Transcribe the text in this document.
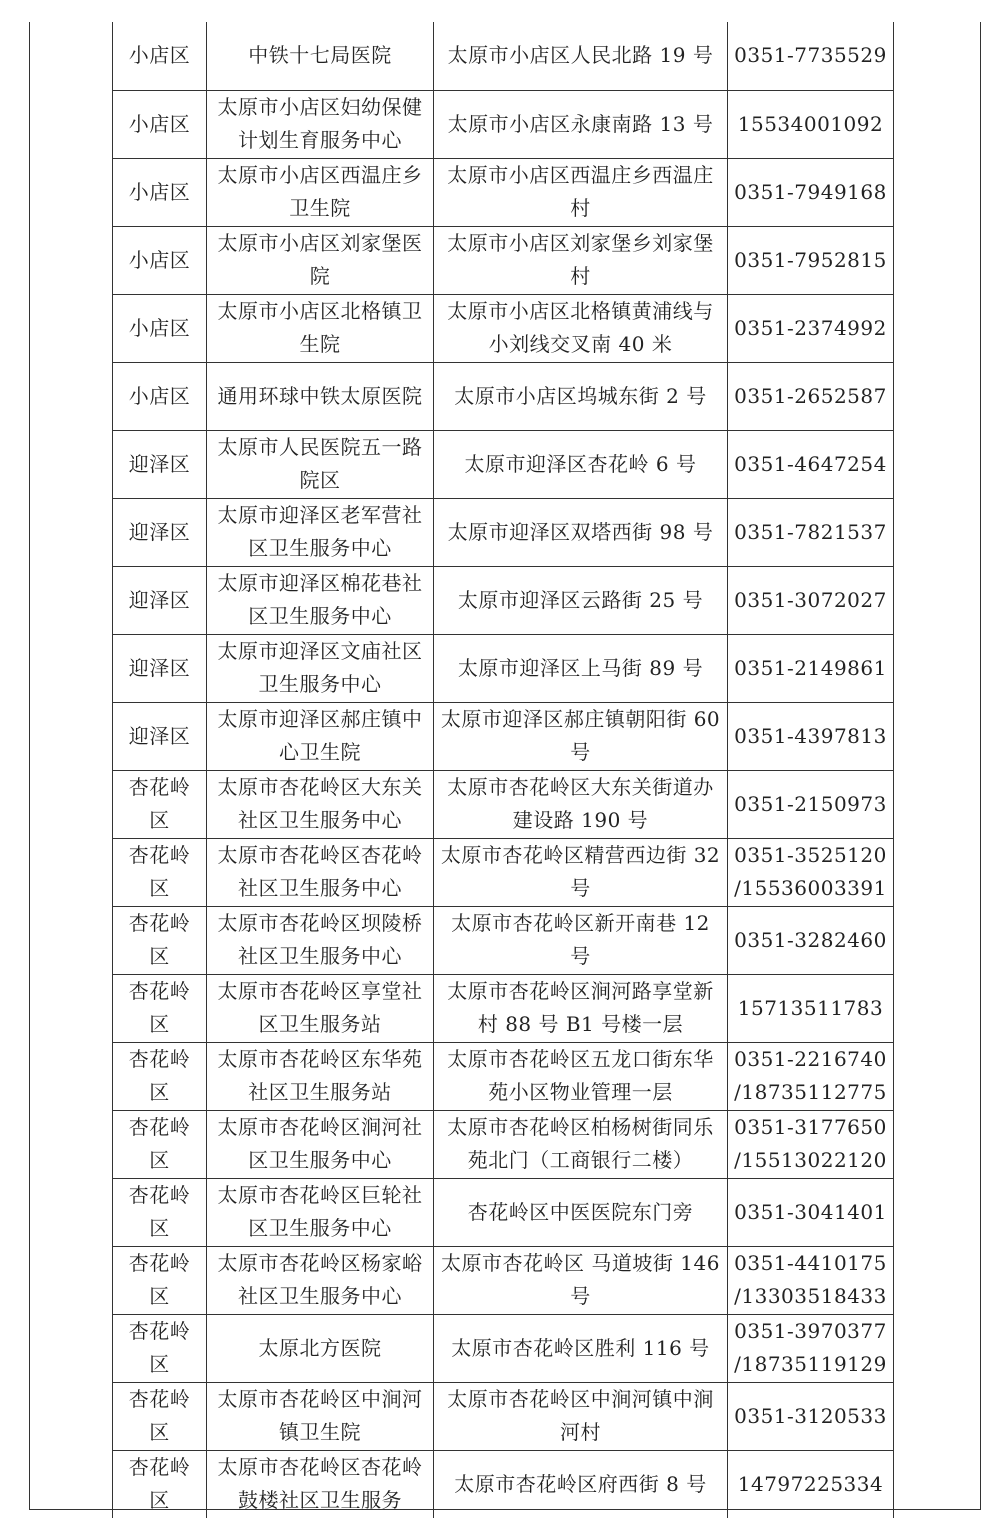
小店区	中铁十七局医院	太原市小店区人民北路 19 号	0351-7735529
小店区	太原市小店区妇幼保健计划生育服务中心	太原市小店区永康南路 13 号	15534001092
小店区	太原市小店区西温庄乡卫生院	太原市小店区西温庄乡西温庄村	0351-7949168
小店区	太原市小店区刘家堡医院	太原市小店区刘家堡乡刘家堡村	0351-7952815
小店区	太原市小店区北格镇卫生院	太原市小店区北格镇黄浦线与小刘线交叉南 40 米	0351-2374992
小店区	通用环球中铁太原医院	太原市小店区坞城东街 2 号	0351-2652587
迎泽区	太原市人民医院五一路院区	太原市迎泽区杏花岭 6 号	0351-4647254
迎泽区	太原市迎泽区老军营社区卫生服务中心	太原市迎泽区双塔西街 98 号	0351-7821537
迎泽区	太原市迎泽区棉花巷社区卫生服务中心	太原市迎泽区云路街 25 号	0351-3072027
迎泽区	太原市迎泽区文庙社区卫生服务中心	太原市迎泽区上马街 89 号	0351-2149861
迎泽区	太原市迎泽区郝庄镇中心卫生院	太原市迎泽区郝庄镇朝阳街 60 号	0351-4397813
杏花岭区	太原市杏花岭区大东关社区卫生服务中心	太原市杏花岭区大东关街道办建设路 190 号	0351-2150973
杏花岭区	太原市杏花岭区杏花岭社区卫生服务中心	太原市杏花岭区精营西边街 32 号	0351-3525120 /15536003391
杏花岭区	太原市杏花岭区坝陵桥社区卫生服务中心	太原市杏花岭区新开南巷 12 号	0351-3282460
杏花岭区	太原市杏花岭区享堂社区卫生服务站	太原市杏花岭区涧河路享堂新村 88 号 B1 号楼一层	15713511783
杏花岭区	太原市杏花岭区东华苑社区卫生服务站	太原市杏花岭区五龙口街东华苑小区物业管理一层	0351-2216740 /18735112775
杏花岭区	太原市杏花岭区涧河社区卫生服务中心	太原市杏花岭区柏杨树街同乐苑北门（工商银行二楼）	0351-3177650 /15513022120
杏花岭区	太原市杏花岭区巨轮社区卫生服务中心	杏花岭区中医医院东门旁	0351-3041401
杏花岭区	太原市杏花岭区杨家峪社区卫生服务中心	太原市杏花岭区 马道坡街 146 号	0351-4410175 /13303518433
杏花岭区	太原北方医院	太原市杏花岭区胜利 116 号	0351-3970377 /18735119129
杏花岭区	太原市杏花岭区中涧河镇卫生院	太原市杏花岭区中涧河镇中涧河村	0351-3120533
杏花岭区	太原市杏花岭区杏花岭鼓楼社区卫生服务	太原市杏花岭区府西街 8 号	14797225334
